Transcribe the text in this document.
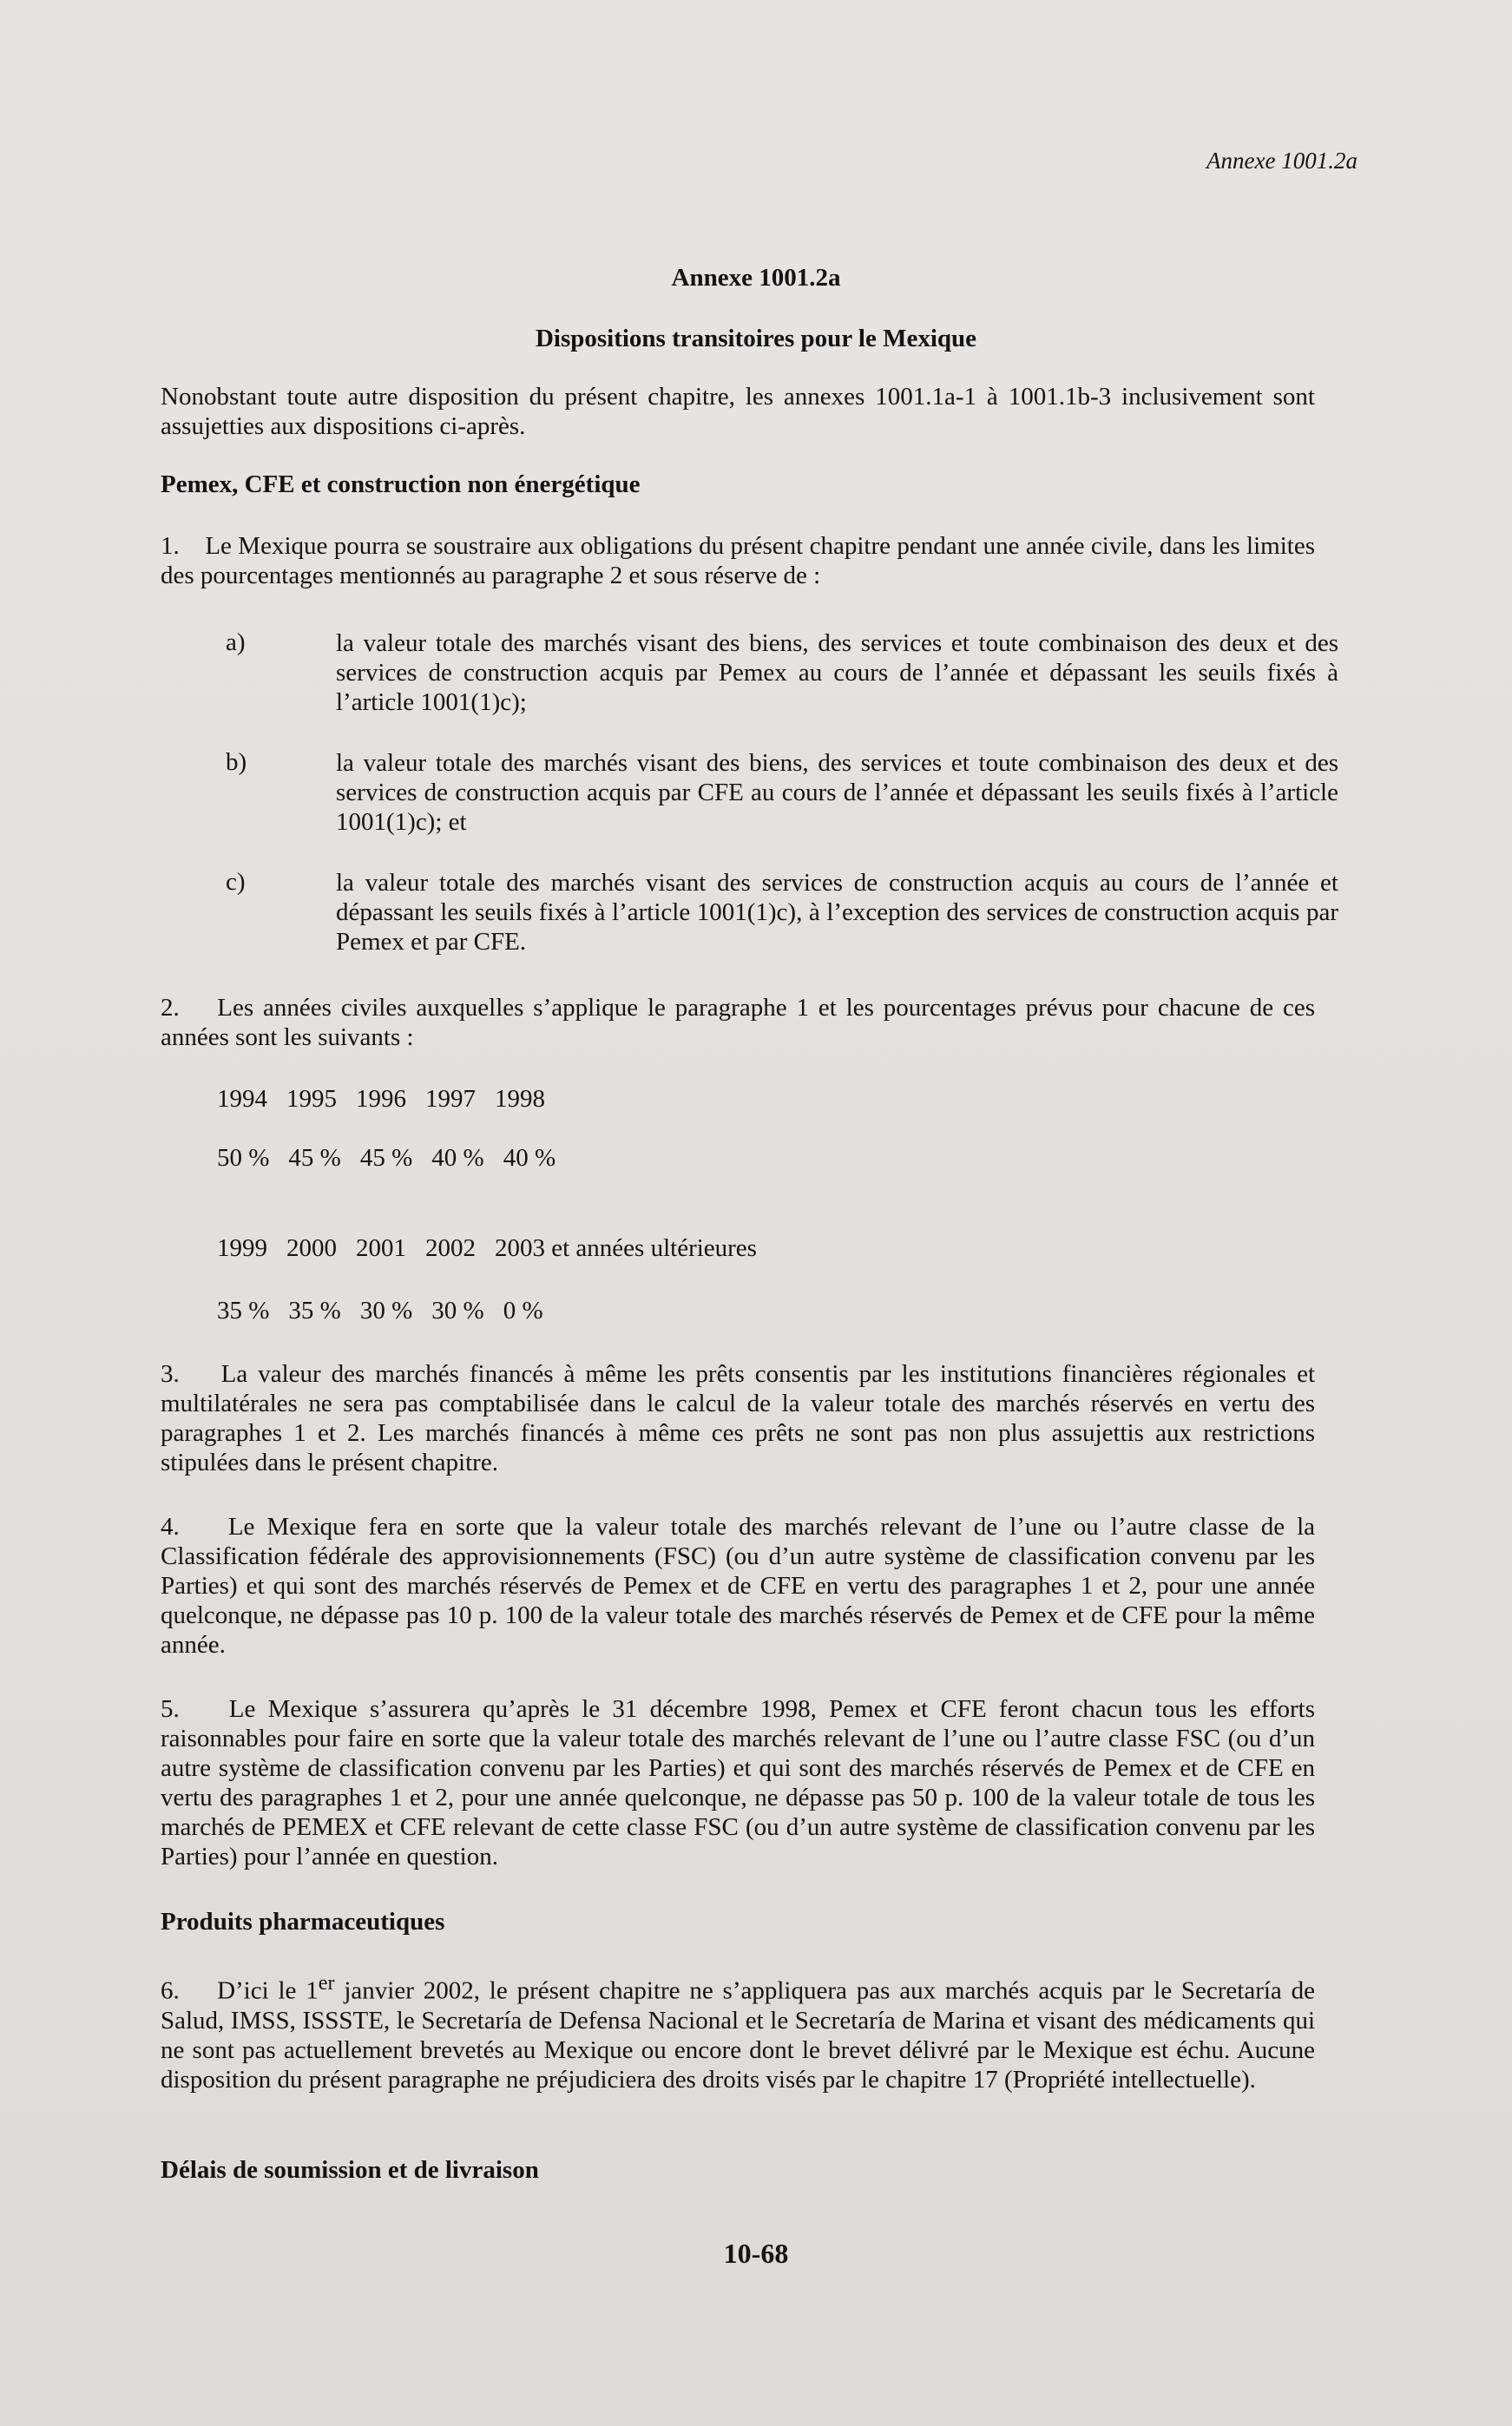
Annexe 1001.2a
Annexe 1001.2a
Dispositions transitoires pour le Mexique
Nonobstant toute autre disposition du présent chapitre, les annexes 1001.1a-1 à 1001.1b-3 inclusivement sont assujetties aux dispositions ci-après.
Pemex, CFE et construction non énergétique
1. Le Mexique pourra se soustraire aux obligations du présent chapitre pendant une année civile, dans les limites des pourcentages mentionnés au paragraphe 2 et sous réserve de :
a)	la valeur totale des marchés visant des biens, des services et toute combinaison des deux et des services de construction acquis par Pemex au cours de l’année et dépassant les seuils fixés à l’article 1001(1)c);
b)	la valeur totale des marchés visant des biens, des services et toute combinaison des deux et des services de construction acquis par CFE au cours de l’année et dépassant les seuils fixés à l’article 1001(1)c); et
c)	la valeur totale des marchés visant des services de construction acquis au cours de l’année et dépassant les seuils fixés à l’article 1001(1)c), à l’exception des services de construction acquis par Pemex et par CFE.
2. Les années civiles auxquelles s’applique le paragraphe 1 et les pourcentages prévus pour chacune de ces années sont les suivants :
1994 1995 1996 1997 1998
50 % 45 % 45 % 40 % 40 %
1999 2000 2001 2002 2003 et années ultérieures
35 % 35 % 30 % 30 % 0 %
3. La valeur des marchés financés à même les prêts consentis par les institutions financières régionales et multilatérales ne sera pas comptabilisée dans le calcul de la valeur totale des marchés réservés en vertu des paragraphes 1 et 2. Les marchés financés à même ces prêts ne sont pas non plus assujettis aux restrictions stipulées dans le présent chapitre.
4. Le Mexique fera en sorte que la valeur totale des marchés relevant de l’une ou l’autre classe de la Classification fédérale des approvisionnements (FSC) (ou d’un autre système de classification convenu par les Parties) et qui sont des marchés réservés de Pemex et de CFE en vertu des paragraphes 1 et 2, pour une année quelconque, ne dépasse pas 10 p. 100 de la valeur totale des marchés réservés de Pemex et de CFE pour la même année.
5. Le Mexique s’assurera qu’après le 31 décembre 1998, Pemex et CFE feront chacun tous les efforts raisonnables pour faire en sorte que la valeur totale des marchés relevant de l’une ou l’autre classe FSC (ou d’un autre système de classification convenu par les Parties) et qui sont des marchés réservés de Pemex et de CFE en vertu des paragraphes 1 et 2, pour une année quelconque, ne dépasse pas 50 p. 100 de la valeur totale de tous les marchés de PEMEX et CFE relevant de cette classe FSC (ou d’un autre système de classification convenu par les Parties) pour l’année en question.
Produits pharmaceutiques
6. D’ici le 1er janvier 2002, le présent chapitre ne s’appliquera pas aux marchés acquis par le Secretaría de Salud, IMSS, ISSSTE, le Secretaría de Defensa Nacional et le Secretaría de Marina et visant des médicaments qui ne sont pas actuellement brevetés au Mexique ou encore dont le brevet délivré par le Mexique est échu. Aucune disposition du présent paragraphe ne préjudiciera des droits visés par le chapitre 17 (Propriété intellectuelle).
Délais de soumission et de livraison
10-68
